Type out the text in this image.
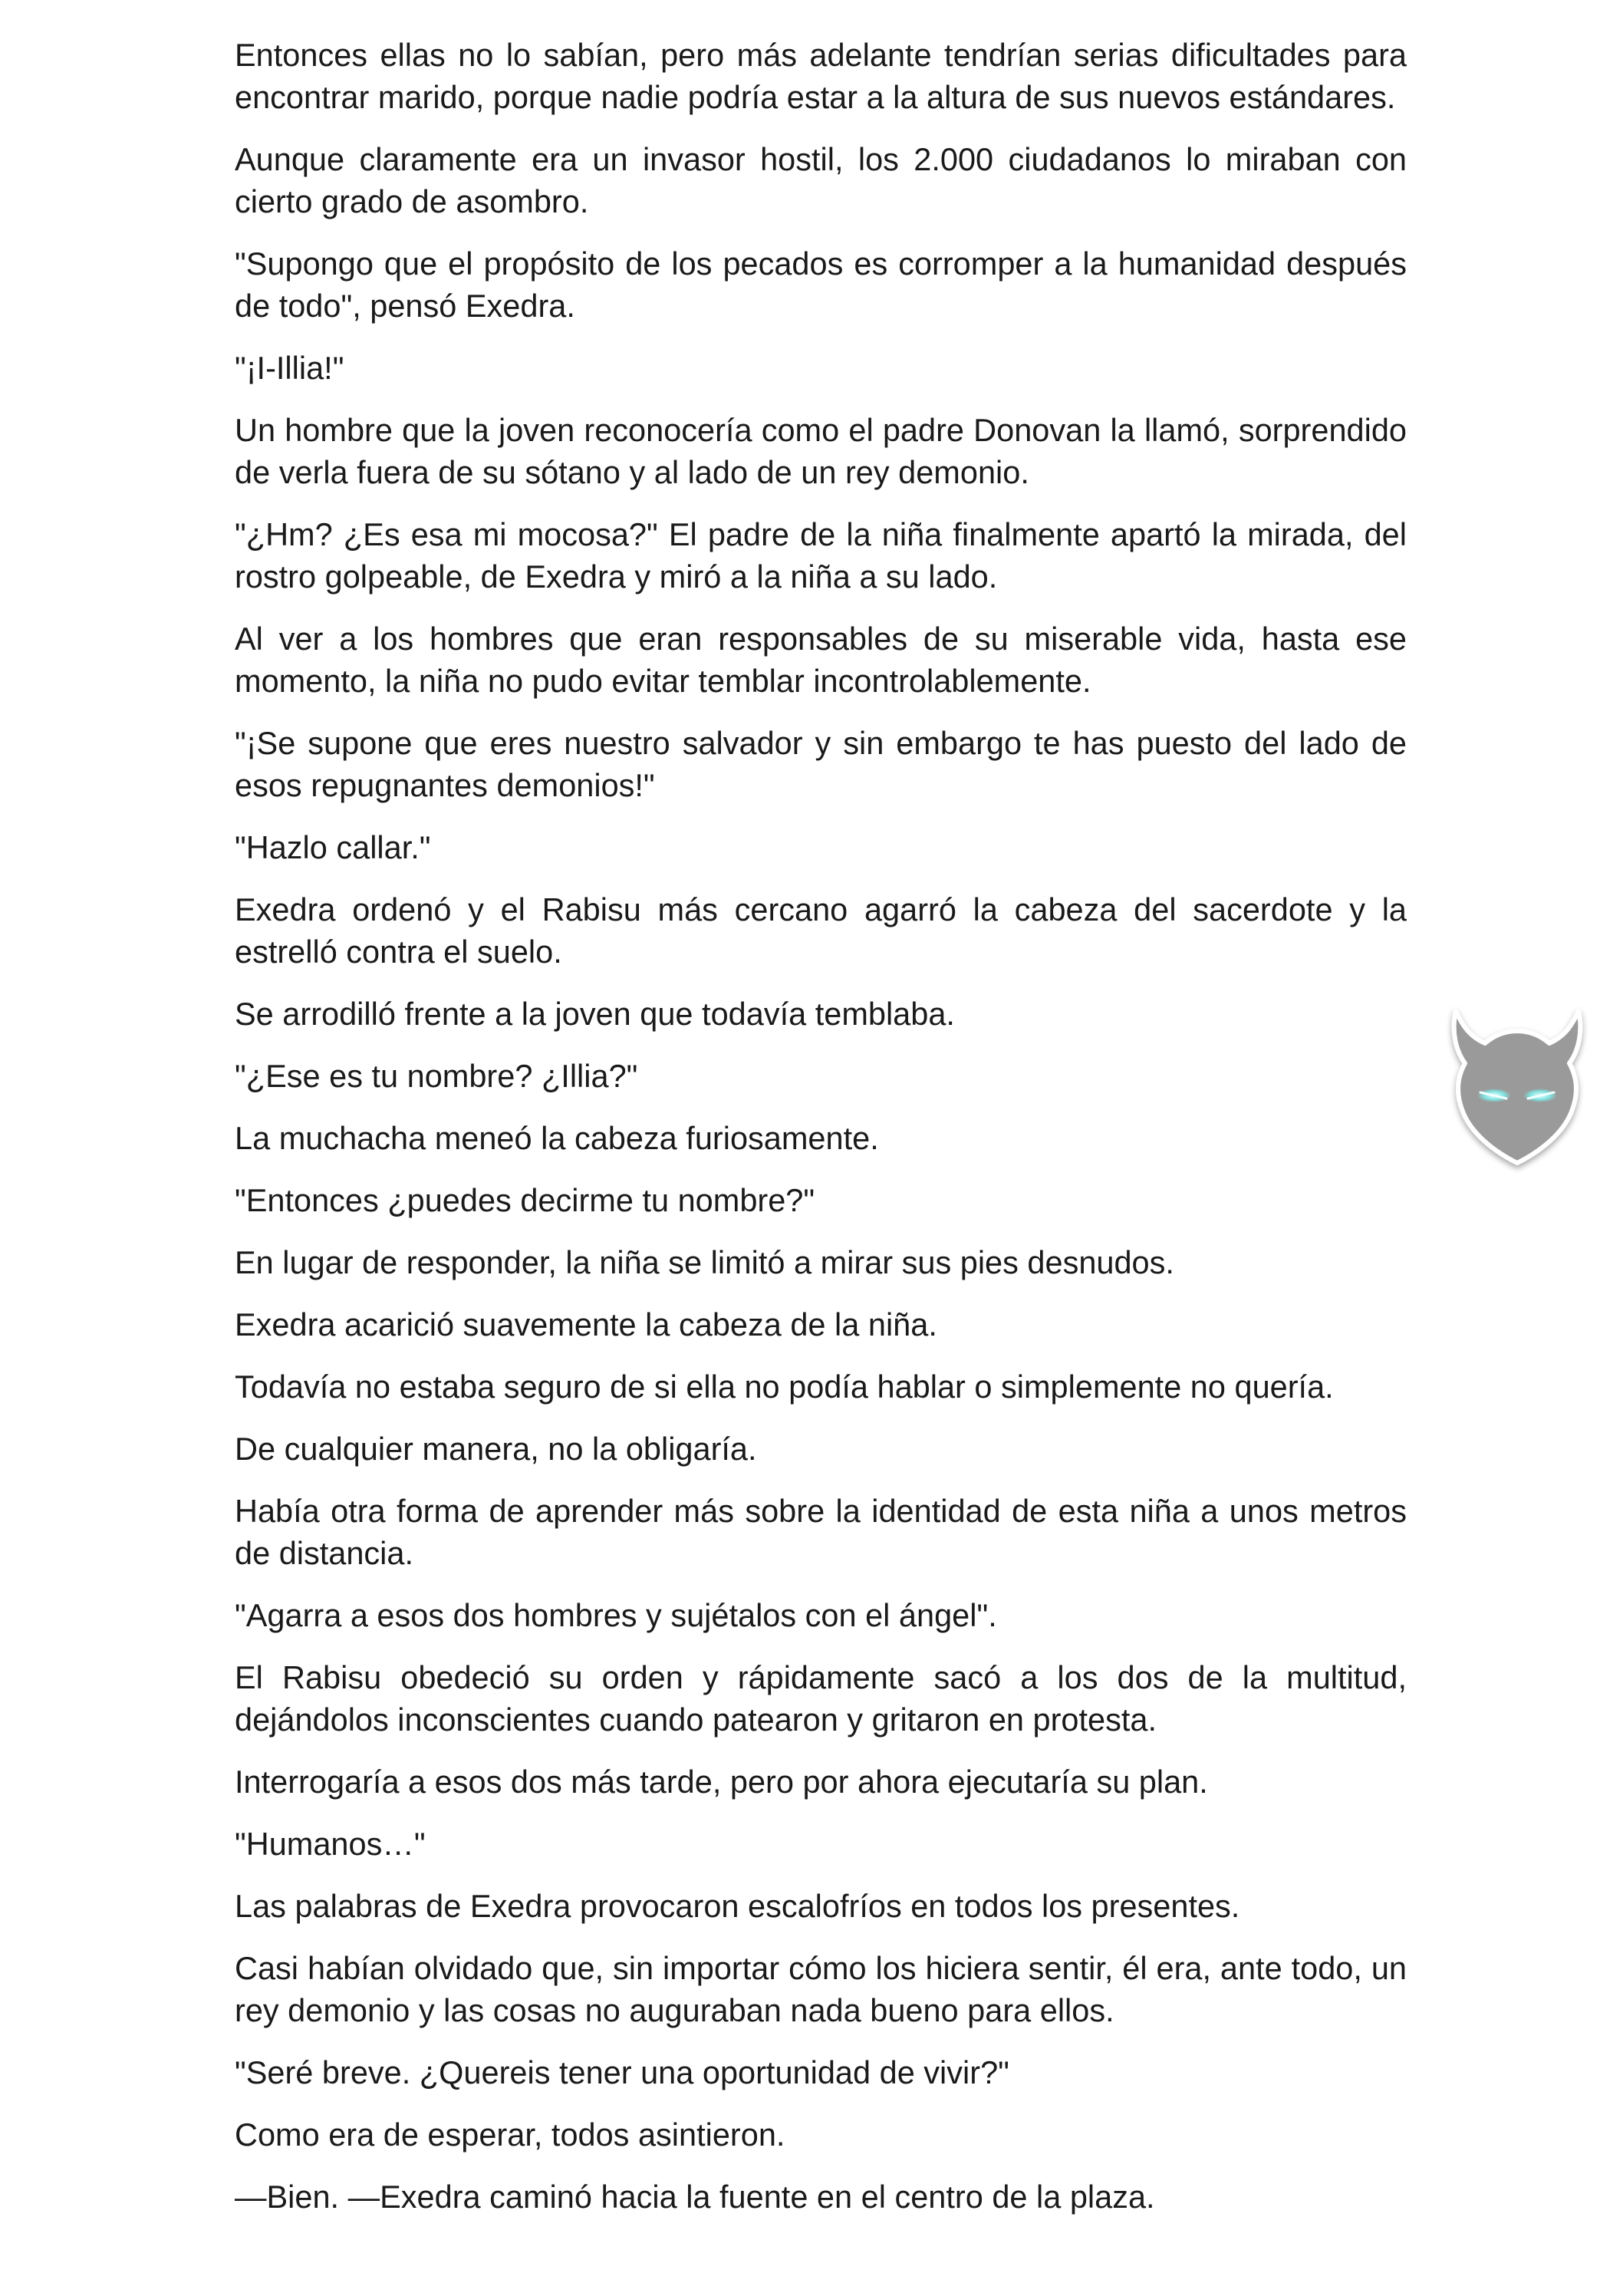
Entonces ellas no lo sabían, pero más adelante tendrían serias dificultades para encontrar marido, porque nadie podría estar a la altura de sus nuevos estándares.

Aunque claramente era un invasor hostil, los 2.000 ciudadanos lo miraban con cierto grado de asombro.

"Supongo que el propósito de los pecados es corromper a la humanidad después de todo", pensó Exedra.

"¡I-Illia!"

Un hombre que la joven reconocería como el padre Donovan la llamó, sorprendido de verla fuera de su sótano y al lado de un rey demonio.

"¿Hm? ¿Es esa mi mocosa?" El padre de la niña finalmente apartó la mirada, del rostro golpeable, de Exedra y miró a la niña a su lado.

Al ver a los hombres que eran responsables de su miserable vida, hasta ese momento, la niña no pudo evitar temblar incontrolablemente.

"¡Se supone que eres nuestro salvador y sin embargo te has puesto del lado de esos repugnantes demonios!"

"Hazlo callar."

Exedra ordenó y el Rabisu más cercano agarró la cabeza del sacerdote y la estrelló contra el suelo.

Se arrodilló frente a la joven que todavía temblaba.

"¿Ese es tu nombre? ¿Illia?"

La muchacha meneó la cabeza furiosamente.

"Entonces ¿puedes decirme tu nombre?"

En lugar de responder, la niña se limitó a mirar sus pies desnudos.

Exedra acarició suavemente la cabeza de la niña.

Todavía no estaba seguro de si ella no podía hablar o simplemente no quería.

De cualquier manera, no la obligaría.

Había otra forma de aprender más sobre la identidad de esta niña a unos metros de distancia.

"Agarra a esos dos hombres y sujétalos con el ángel".

El Rabisu obedeció su orden y rápidamente sacó a los dos de la multitud, dejándolos inconscientes cuando patearon y gritaron en protesta.

Interrogaría a esos dos más tarde, pero por ahora ejecutaría su plan.

"Humanos…"

Las palabras de Exedra provocaron escalofríos en todos los presentes.

Casi habían olvidado que, sin importar cómo los hiciera sentir, él era, ante todo, un rey demonio y las cosas no auguraban nada bueno para ellos.

"Seré breve. ¿Quereis tener una oportunidad de vivir?"

Como era de esperar, todos asintieron.

—Bien. —Exedra caminó hacia la fuente en el centro de la plaza.
